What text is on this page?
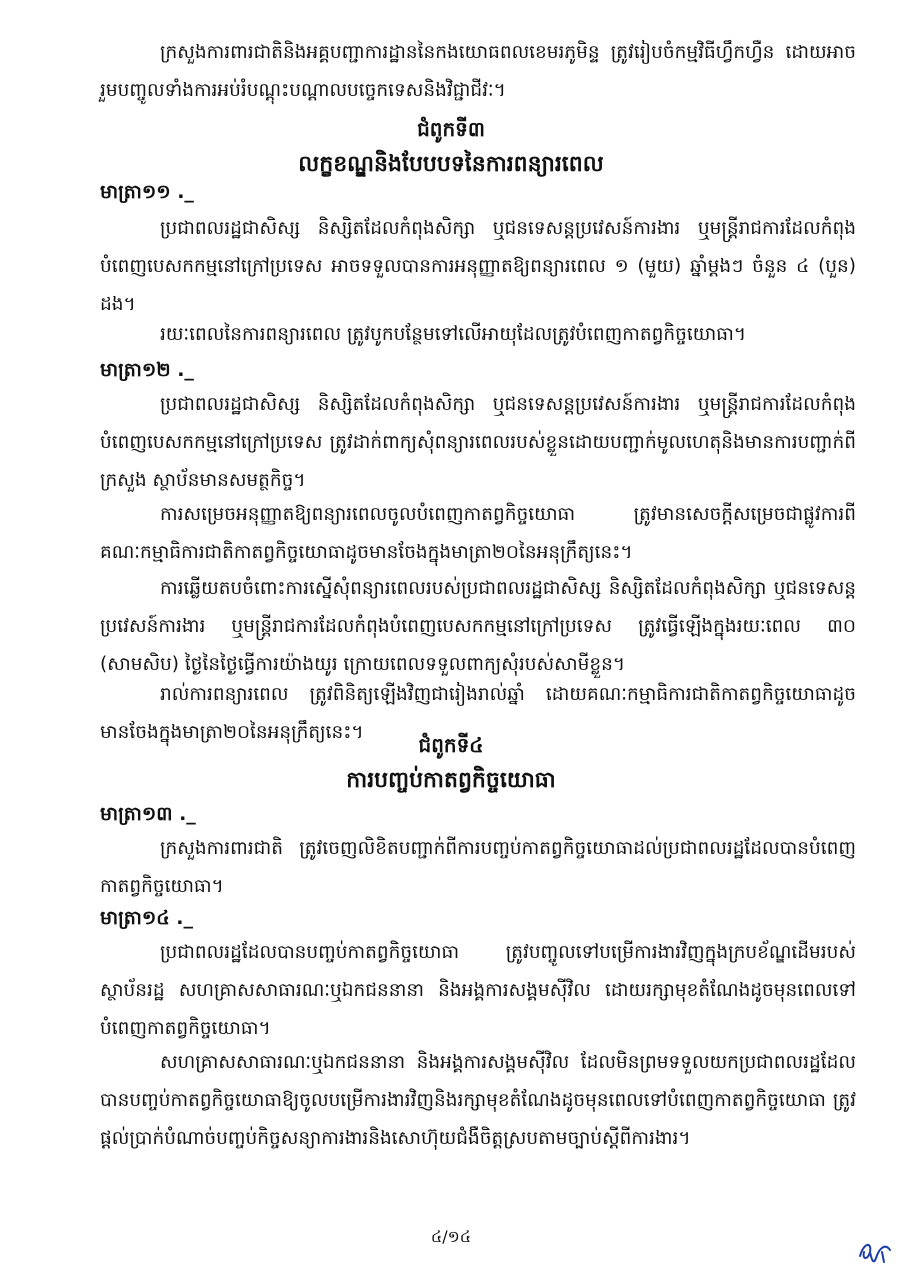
ក្រសួងការពារជាតិនិងអគ្គបញ្ជាការដ្ឋាននៃកងយោធពលខេមរភូមិន្ទ ត្រូវរៀបចំកម្មវិធីហ្វឹកហ្វឺន ដោយអាចរួមបញ្ចូលទាំងការអប់រំបណ្តុះបណ្តាលបច្ចេកទេសនិងវិជ្ជាជីវៈ។

ជំពូកទី៣

លក្ខខណ្ឌនិងបែបបទនៃការពន្យារពេល

មាត្រា១១ ._

ប្រជាពលរដ្ឋជាសិស្ស និស្សិតដែលកំពុងសិក្សា ឬជនទេសន្តប្រវេសន៍ការងារ ឬមន្ត្រីរាជការដែលកំពុងបំពេញបេសកកម្មនៅក្រៅប្រទេស អាចទទួលបានការអនុញ្ញាតឱ្យពន្យារពេល ១ (មួយ) ឆ្នាំម្តងៗ ចំនួន ៤ (បួន) ដង។

រយៈពេលនៃការពន្យារពេល ត្រូវបូកបន្ថែមទៅលើអាយុដែលត្រូវបំពេញកាតព្វកិច្ចយោធា។

មាត្រា១២ ._

ប្រជាពលរដ្ឋជាសិស្ស និស្សិតដែលកំពុងសិក្សា ឬជនទេសន្តប្រវេសន៍ការងារ ឬមន្ត្រីរាជការដែលកំពុងបំពេញបេសកកម្មនៅក្រៅប្រទេស ត្រូវដាក់ពាក្យសុំពន្យារពេលរបស់ខ្លួនដោយបញ្ជាក់មូលហេតុនិងមានការបញ្ជាក់ពីក្រសួង ស្ថាប័នមានសមត្ថកិច្ច។

ការសម្រេចអនុញ្ញាតឱ្យពន្យារពេលចូលបំពេញកាតព្វកិច្ចយោធា ត្រូវមានសេចក្តីសម្រេចជាផ្លូវការពីគណៈកម្មាធិការជាតិកាតព្វកិច្ចយោធាដូចមានចែងក្នុងមាត្រា២០នៃអនុក្រឹត្យនេះ។

ការឆ្លើយតបចំពោះការស្នើសុំពន្យារពេលរបស់ប្រជាពលរដ្ឋជាសិស្ស និស្សិតដែលកំពុងសិក្សា ឬជនទេសន្តប្រវេសន៍ការងារ ឬមន្ត្រីរាជការដែលកំពុងបំពេញបេសកកម្មនៅក្រៅប្រទេស ត្រូវធ្វើឡើងក្នុងរយៈពេល ៣០ (សាមសិប) ថ្ងៃនៃថ្ងៃធ្វើការយ៉ាងយូរ ក្រោយពេលទទួលពាក្យសុំរបស់សាមីខ្លួន។

រាល់ការពន្យារពេល ត្រូវពិនិត្យឡើងវិញជារៀងរាល់ឆ្នាំ ដោយគណៈកម្មាធិការជាតិកាតព្វកិច្ចយោធាដូចមានចែងក្នុងមាត្រា២០នៃអនុក្រឹត្យនេះ។

ជំពូកទី៤

ការបញ្ចប់កាតព្វកិច្ចយោធា

មាត្រា១៣ ._

ក្រសួងការពារជាតិ ត្រូវចេញលិខិតបញ្ជាក់ពីការបញ្ចប់កាតព្វកិច្ចយោធាដល់ប្រជាពលរដ្ឋដែលបានបំពេញកាតព្វកិច្ចយោធា។

មាត្រា១៤ ._

ប្រជាពលរដ្ឋដែលបានបញ្ចប់កាតព្វកិច្ចយោធា ត្រូវបញ្ចូលទៅបម្រើការងារវិញក្នុងក្របខ័ណ្ឌដើមរបស់ស្ថាប័នរដ្ឋ សហគ្រាសសាធារណៈឬឯកជននានា និងអង្គការសង្គមស៊ីវិល ដោយរក្សាមុខតំណែងដូចមុនពេលទៅបំពេញកាតព្វកិច្ចយោធា។

សហគ្រាសសាធារណៈឬឯកជននានា និងអង្គការសង្គមស៊ីវិល ដែលមិនព្រមទទួលយកប្រជាពលរដ្ឋដែលបានបញ្ចប់កាតព្វកិច្ចយោធាឱ្យចូលបម្រើការងារវិញនិងរក្សាមុខតំណែងដូចមុនពេលទៅបំពេញកាតព្វកិច្ចយោធា ត្រូវផ្តល់ប្រាក់បំណាច់បញ្ចប់កិច្ចសន្យាការងារនិងសោហ៊ុយជំងឺចិត្តស្របតាមច្បាប់ស្តីពីការងារ។

៤/១៤
